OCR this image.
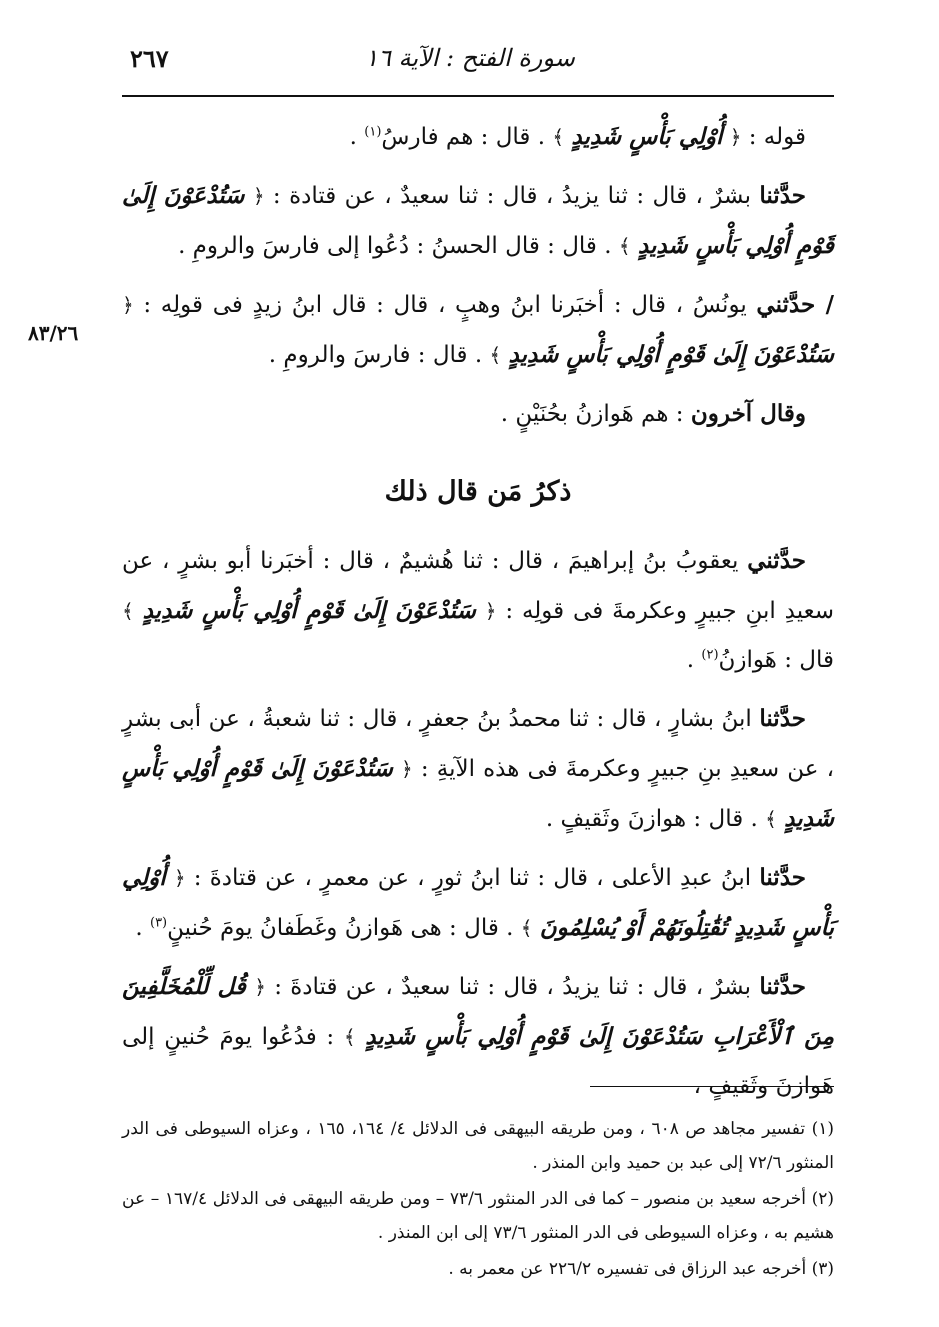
٢٦٧	سورة الفتح : الآية ١٦
٨٣/٢٦

قوله : ﴿ أُوْلِي بَأْسٍ شَدِيدٍ ﴾ . قال : هم فارسُ$^{(١)}$ .

حدَّثنا بشرٌ ، قال : ثنا يزيدُ ، قال : ثنا سعيدٌ ، عن قتادة : ﴿ سَتُدْعَوْنَ إِلَىٰ قَوْمٍ أُوْلِي بَأْسٍ شَدِيدٍ ﴾ . قال : قال الحسنُ : دُعُوا إلى فارسَ والرومِ .

/ حدَّثني يونُسُ ، قال : أخبَرنا ابنُ وهبٍ ، قال : قال ابنُ زيدٍ فى قولِه : ﴿ سَتُدْعَوْنَ إِلَىٰ قَوْمٍ أُوْلِي بَأْسٍ شَدِيدٍ ﴾ . قال : فارسَ والرومِ .

وقال آخرون : هم هَوازنُ بحُنَيْنٍ .

ذكرُ مَن قال ذلك

حدَّثني يعقوبُ بنُ إبراهيمَ ، قال : ثنا هُشيمٌ ، قال : أخبَرنا أبو بشرٍ ، عن سعيدِ ابنِ جبيرٍ وعكرمةَ فى قولِه : ﴿ سَتُدْعَوْنَ إِلَىٰ قَوْمٍ أُوْلِي بَأْسٍ شَدِيدٍ ﴾ قال : هَوازنُ$^{(٢)}$ .

حدَّثنا ابنُ بشارٍ ، قال : ثنا محمدُ بنُ جعفرٍ ، قال : ثنا شعبةُ ، عن أبى بشرٍ ، عن سعيدِ بنِ جبيرٍ وعكرمةَ فى هذه الآيةِ : ﴿ سَتُدْعَوْنَ إِلَىٰ قَوْمٍ أُوْلِي بَأْسٍ شَدِيدٍ ﴾ . قال : هوازنَ وثَقيفٍ .

حدَّثنا ابنُ عبدِ الأعلى ، قال : ثنا ابنُ ثورٍ ، عن معمرٍ ، عن قتادةَ : ﴿ أُوْلِي بَأْسٍ شَدِيدٍ تُقَٰتِلُونَهُمْ أَوْ يُسْلِمُونَ ﴾ . قال : هى هَوازنُ وغَطَفانُ يومَ حُنينٍ$^{(٣)}$ .

حدَّثنا بشرٌ ، قال : ثنا يزيدُ ، قال : ثنا سعيدٌ ، عن قتادةَ : ﴿ قُل لِّلْمُخَلَّفِينَ مِنَ ٱلْأَعْرَابِ سَتُدْعَوْنَ إِلَىٰ قَوْمٍ أُوْلِي بَأْسٍ شَدِيدٍ ﴾ : فدُعُوا يومَ حُنينٍ إلى هَوازنَ وثَقيفٍ ،

(١) تفسير مجاهد ص ٦٠٨ ، ومن طريقه البيهقى فى الدلائل ٤/ ١٦٤، ١٦٥ ، وعزاه السيوطى فى الدر المنثور ٧٢/٦ إلى عبد بن حميد وابن المنذر .

(٢) أخرجه سعيد بن منصور – كما فى الدر المنثور ٧٣/٦ – ومن طريقه البيهقى فى الدلائل ١٦٧/٤ – عن هشيم به ، وعزاه السيوطى فى الدر المنثور ٧٣/٦ إلى ابن المنذر .

(٣) أخرجه عبد الرزاق فى تفسيره ٢٢٦/٢ عن معمر به .
